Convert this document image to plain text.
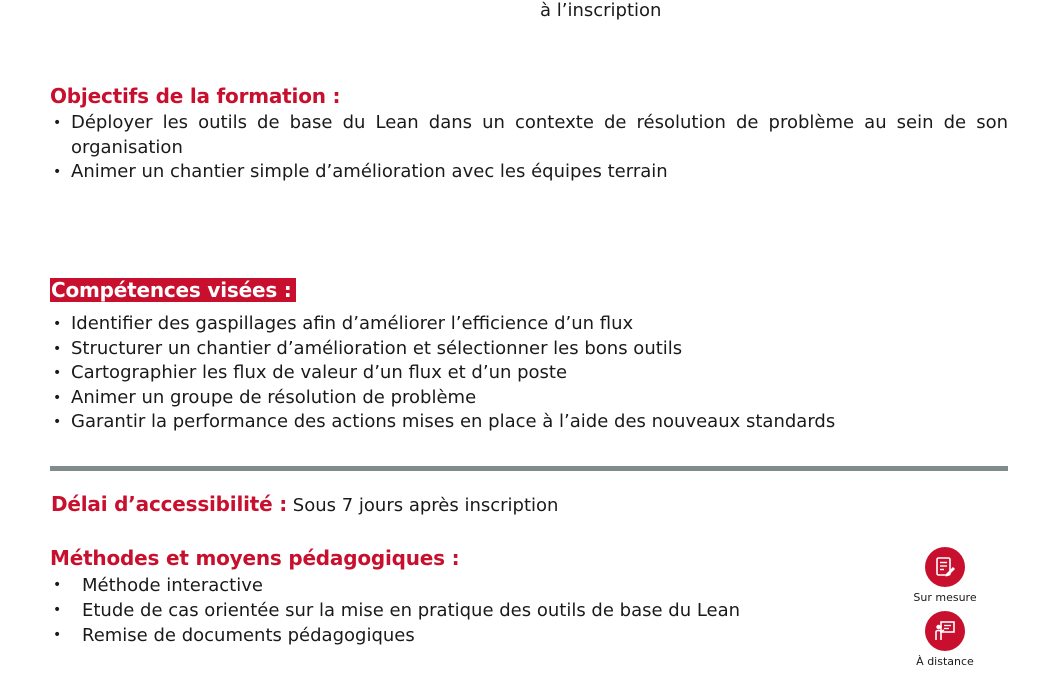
à l’inscription
Objectifs de la formation :
• Déployer les outils de base du Lean dans un contexte de résolution de problème au sein de son organisation
• Animer un chantier simple d’amélioration avec les équipes terrain
Compétences visées :
• Identifier des gaspillages afin d’améliorer l’efficience d’un flux
• Structurer un chantier d’amélioration et sélectionner les bons outils
• Cartographier les flux de valeur d’un flux et d’un poste
• Animer un groupe de résolution de problème
• Garantir la performance des actions mises en place à l’aide des nouveaux standards
Délai d’accessibilité : Sous 7 jours après inscription
Méthodes et moyens pédagogiques :
• Méthode interactive
• Etude de cas orientée sur la mise en pratique des outils de base du Lean
• Remise de documents pédagogiques
Sur mesure
À distance
